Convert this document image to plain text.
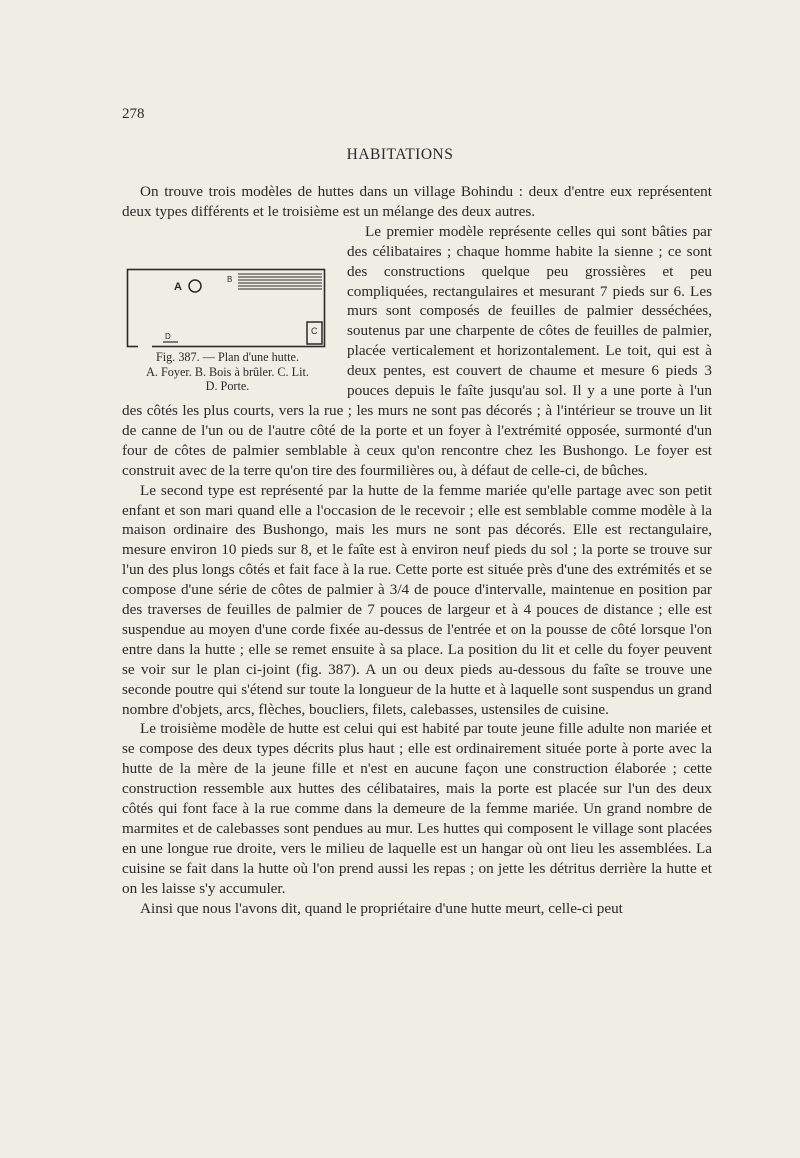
278
HABITATIONS

On trouve trois modèles de huttes dans un village Bohindu : deux d'entre eux représentent deux types différents et le troisième est un mélange des deux autres.

A
B
C
D
Fig. 387. — Plan d'une hutte.
A. Foyer. B. Bois à brûler. C. Lit.
D. Porte.

Le premier modèle représente celles qui sont bâties par des célibataires ; chaque homme habite la sienne ; ce sont des constructions quelque peu grossières et peu compliquées, rectangulaires et mesurant 7 pieds sur 6. Les murs sont composés de feuilles de palmier desséchées, soutenus par une charpente de côtes de feuilles de palmier, placée verticalement et horizontalement. Le toit, qui est à deux pentes, est couvert de chaume et mesure 6 pieds 3 pouces depuis le faîte jusqu'au sol. Il y a une porte à l'un des côtés les plus courts, vers la rue ; les murs ne sont pas décorés ; à l'intérieur se trouve un lit de canne de l'un ou de l'autre côté de la porte et un foyer à l'extrémité opposée, surmonté d'un four de côtes de palmier semblable à ceux qu'on rencontre chez les Bushongo. Le foyer est construit avec de la terre qu'on tire des fourmilières ou, à défaut de celle-ci, de bûches.

Le second type est représenté par la hutte de la femme mariée qu'elle partage avec son petit enfant et son mari quand elle a l'occasion de le recevoir ; elle est semblable comme modèle à la maison ordinaire des Bushongo, mais les murs ne sont pas décorés. Elle est rectangulaire, mesure environ 10 pieds sur 8, et le faîte est à environ neuf pieds du sol ; la porte se trouve sur l'un des plus longs côtés et fait face à la rue. Cette porte est située près d'une des extrémités et se compose d'une série de côtes de palmier à 3/4 de pouce d'intervalle, maintenue en position par des traverses de feuilles de palmier de 7 pouces de largeur et à 4 pouces de distance ; elle est suspendue au moyen d'une corde fixée au-dessus de l'entrée et on la pousse de côté lorsque l'on entre dans la hutte ; elle se remet ensuite à sa place. La position du lit et celle du foyer peuvent se voir sur le plan ci-joint (fig. 387). A un ou deux pieds au-dessous du faîte se trouve une seconde poutre qui s'étend sur toute la longueur de la hutte et à laquelle sont suspendus un grand nombre d'objets, arcs, flèches, boucliers, filets, calebasses, ustensiles de cuisine.

Le troisième modèle de hutte est celui qui est habité par toute jeune fille adulte non mariée et se compose des deux types décrits plus haut ; elle est ordinairement située porte à porte avec la hutte de la mère de la jeune fille et n'est en aucune façon une construction élaborée ; cette construction ressemble aux huttes des célibataires, mais la porte est placée sur l'un des deux côtés qui font face à la rue comme dans la demeure de la femme mariée. Un grand nombre de marmites et de calebasses sont pendues au mur. Les huttes qui composent le village sont placées en une longue rue droite, vers le milieu de laquelle est un hangar où ont lieu les assemblées. La cuisine se fait dans la hutte où l'on prend aussi les repas ; on jette les détritus derrière la hutte et on les laisse s'y accumuler.

Ainsi que nous l'avons dit, quand le propriétaire d'une hutte meurt, celle-ci peut
